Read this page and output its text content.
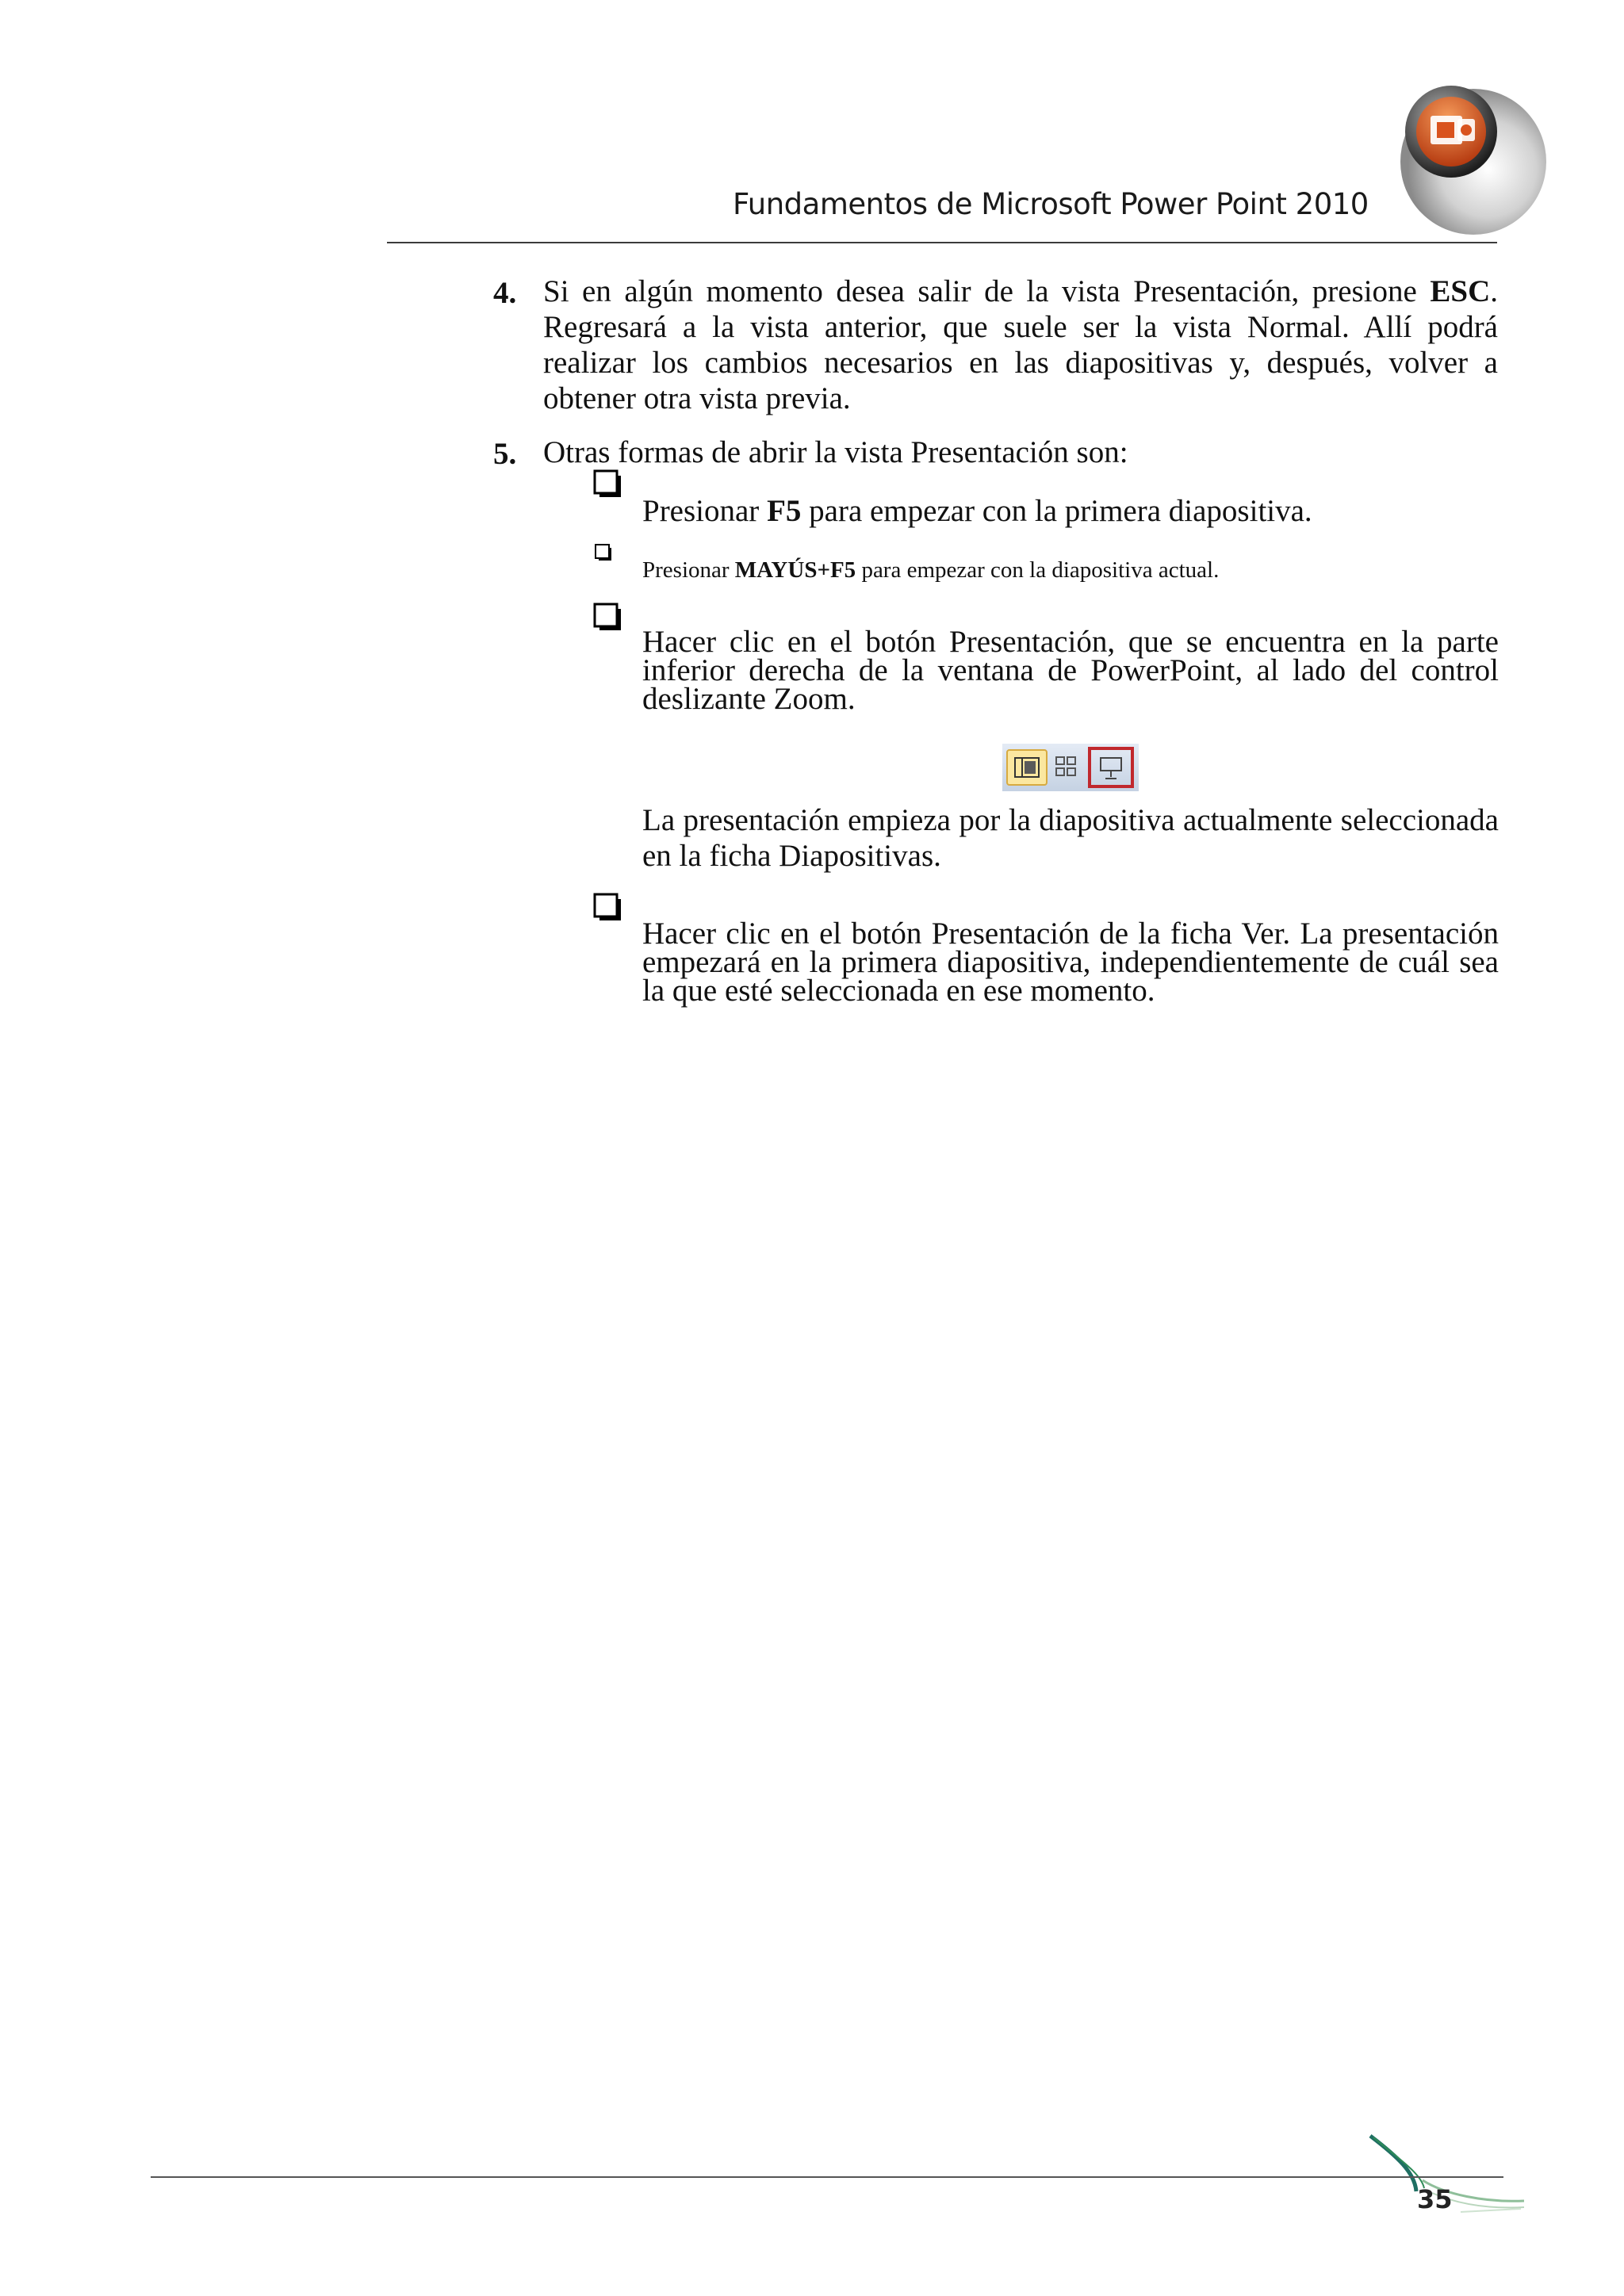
Fundamentos de Microsoft Power Point 2010
4. Si en algún momento desea salir de la vista Presentación, presione ESC. Regresará a la vista anterior, que suele ser la vista Normal. Allí podrá realizar los cambios necesarios en las diapositivas y, después, volver a obtener otra vista previa.
5. Otras formas de abrir la vista Presentación son:
Presionar F5 para empezar con la primera diapositiva.
Presionar MAYÚS+F5 para empezar con la diapositiva actual.
Hacer clic en el botón Presentación, que se encuentra en la parte inferior derecha de la ventana de PowerPoint, al lado del control deslizante Zoom.
La presentación empieza por la diapositiva actualmente seleccionada en la ficha Diapositivas.
Hacer clic en el botón Presentación de la ficha Ver. La presentación empezará en la primera diapositiva, independientemente de cuál sea la que esté seleccionada en ese momento.
35
